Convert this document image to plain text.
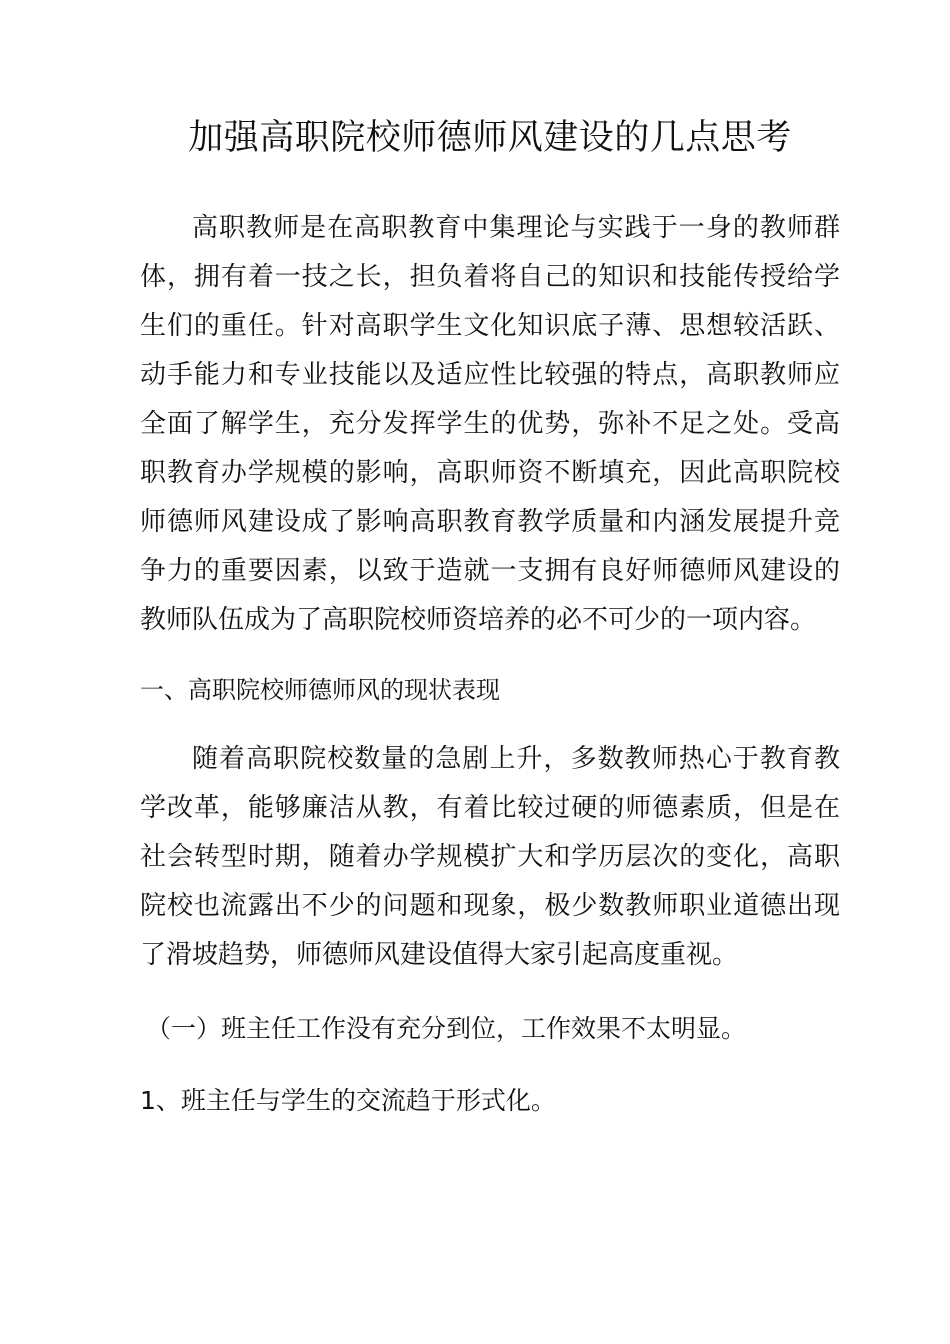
加强高职院校师德师风建设的几点思考

高职教师是在高职教育中集理论与实践于一身的教师群体，拥有着一技之长，担负着将自己的知识和技能传授给学生们的重任。针对高职学生文化知识底子薄、思想较活跃、动手能力和专业技能以及适应性比较强的特点，高职教师应全面了解学生，充分发挥学生的优势，弥补不足之处。受高职教育办学规模的影响，高职师资不断填充，因此高职院校师德师风建设成了影响高职教育教学质量和内涵发展提升竞争力的重要因素，以致于造就一支拥有良好师德师风建设的教师队伍成为了高职院校师资培养的必不可少的一项内容。

一、高职院校师德师风的现状表现

随着高职院校数量的急剧上升，多数教师热心于教育教学改革，能够廉洁从教，有着比较过硬的师德素质，但是在社会转型时期，随着办学规模扩大和学历层次的变化，高职院校也流露出不少的问题和现象，极少数教师职业道德出现了滑坡趋势，师德师风建设值得大家引起高度重视。

（一）班主任工作没有充分到位，工作效果不太明显。
1、班主任与学生的交流趋于形式化。
